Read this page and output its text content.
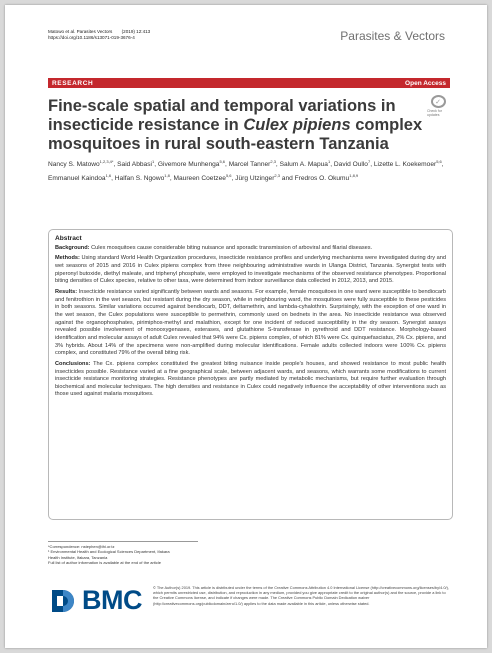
Matowo et al. Parasites Vectors (2019) 12:413
https://doi.org/10.1186/s13071-019-3676-4	Parasites & Vectors
RESEARCH	Open Access
Fine-scale spatial and temporal variations in insecticide resistance in Culex pipiens complex mosquitoes in rural south-eastern Tanzania
✓
Check for updates
Nancy S. Matowo$^{1,2,3,4*}$, Said Abbasi$^1$, Givemore Munhenga$^{5,6}$, Marcel Tanner$^{2,3}$, Salum A. Mapua$^1$, David Oullo$^7$, Lizette L. Koekemoer$^{5,6}$, Emmanuel Kaindoa$^{1,6}$, Halfan S. Ngowo$^{1,8}$, Maureen Coetzee$^{5,6}$, Jürg Utzinger$^{2,3}$ and Fredros O. Okumu$^{1,8,9}$
Abstract

Background: Culex mosquitoes cause considerable biting nuisance and sporadic transmission of arboviral and filarial diseases.

Methods: Using standard World Health Organization procedures, insecticide resistance profiles and underlying mechanisms were investigated during dry and wet seasons of 2015 and 2016 in Culex pipiens complex from three neighbouring administrative wards in Ulanga District, Tanzania. Synergist tests with piperonyl butoxide, diethyl maleate, and triphenyl phosphate, were employed to investigate mechanisms of the observed resistance phenotypes. Proportional biting densities of Culex species, relative to other taxa, were determined from indoor surveillance data collected in 2012, 2013, and 2015.

Results: Insecticide resistance varied significantly between wards and seasons. For example, female mosquitoes in one ward were susceptible to bendiocarb and fenitrothion in the wet season, but resistant during the dry season, while in neighbouring ward, the mosquitoes were fully susceptible to these pesticides in both seasons. Similar variations occurred against bendiocarb, DDT, deltamethrin, and lambda-cyhalothrin. Surprisingly, with the exception of one ward in the wet season, the Culex populations were susceptible to permethrin, commonly used on bednets in the area. No insecticide resistance was observed against the organophosphates, pirimiphos-methyl and malathion, except for one incident of reduced susceptibility in the dry season. Synergist assays revealed possible involvement of monooxygenases, esterases, and glutathione S-transferase in pyrethroid and DDT resistance. Morphology-based identification and molecular assays of adult Culex revealed that 94% were Cx. pipiens complex, of which 81% were Cx. quinquefasciatus, 2% Cx. pipiens, and 3% hybrids. About 14% of the specimens were non-amplified during molecular identifications. Female adults collected indoors were 100% Cx. pipiens complex, and constituted 79% of the overall biting risk.

Conclusions: The Cx. pipiens complex constituted the greatest biting nuisance inside people's houses, and showed resistance to most public health insecticides possible. Resistance varied at a fine geographical scale, between adjacent wards, and seasons, which warrants some modifications to current insecticide resistance monitoring strategies. Resistance phenotypes are partly mediated by metabolic mechanisms, but require further evaluation through biochemical and molecular techniques. The high densities and resistance in Culex could negatively influence the acceptability of other interventions such as those used against malaria mosquitoes.

*Correspondence: nstephen@ihi.or.tz
¹ Environmental Health and Ecological Sciences Department, Ifakara
Health Institute, Ifakara, Tanzania
Full list of author information is available at the end of the article
BMC	© The Author(s) 2019. This article is distributed under the terms of the Creative Commons Attribution 4.0 International License (http://creativecommons.org/licenses/by/4.0/), which permits unrestricted use, distribution, and reproduction in any medium, provided you give appropriate credit to the original author(s) and the source, provide a link to the Creative Commons license, and indicate if changes were made. The Creative Commons Public Domain Dedication waiver (http://creativecommons.org/publicdomain/zero/1.0/) applies to the data made available in this article, unless otherwise stated.
